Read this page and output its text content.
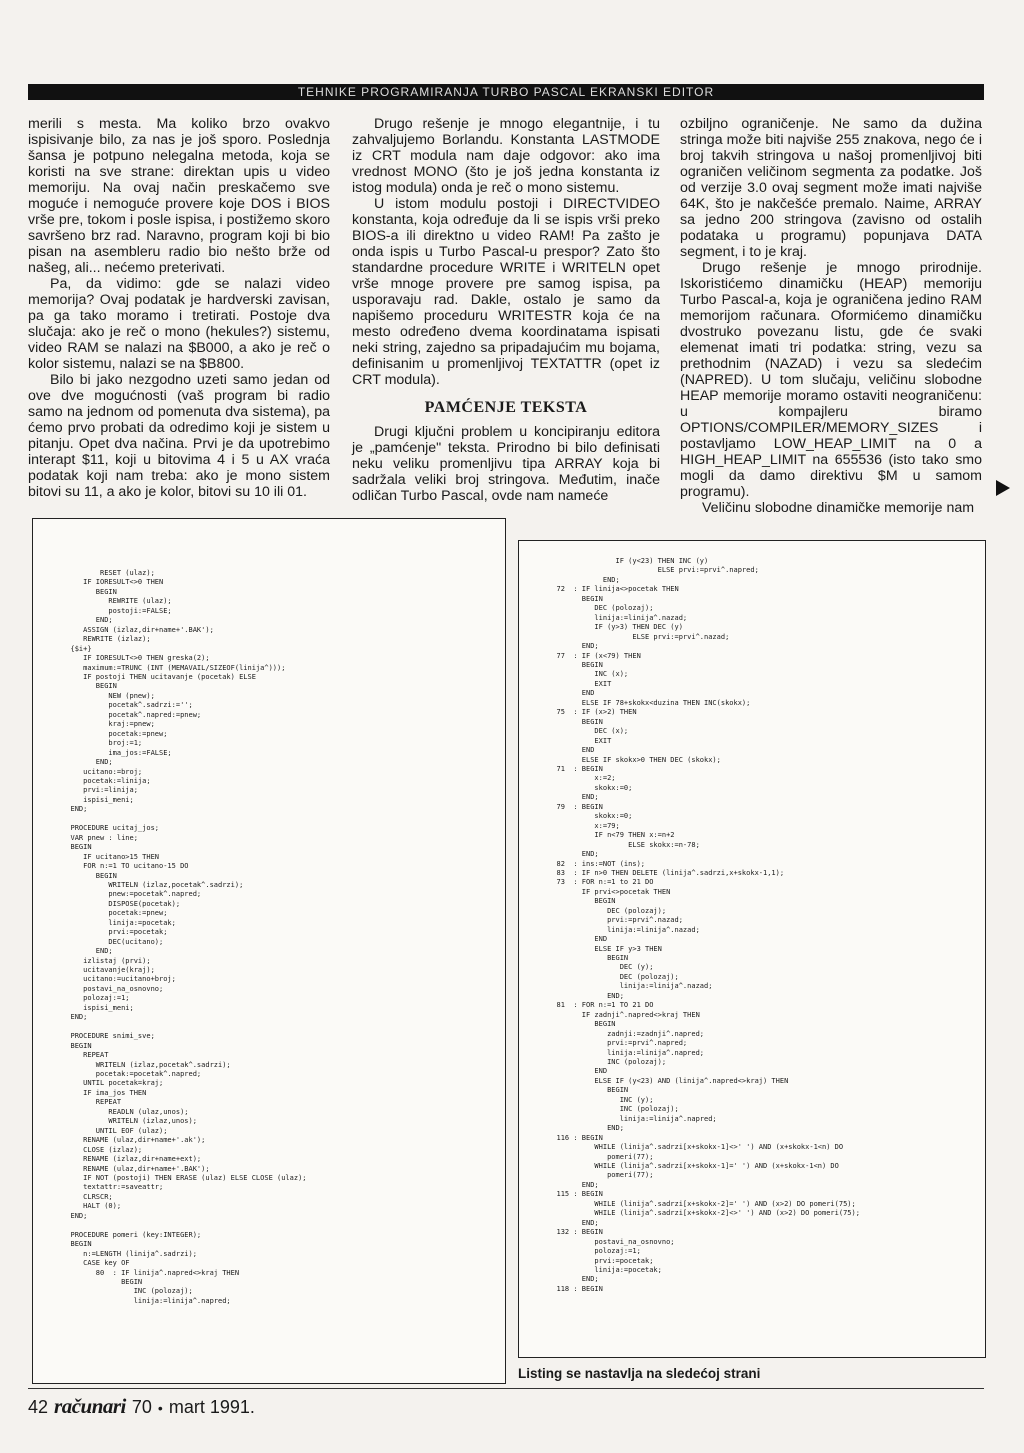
TEHNIKE PROGRAMIRANJA TURBO PASCAL EKRANSKI EDITOR

merili s mesta. Ma koliko brzo ovakvo ispisivanje bilo, za nas je još sporo. Poslednja šansa je potpuno nelegalna metoda, koja se koristi na sve strane: direktan upis u video memoriju. Na ovaj način preskačemo sve moguće i nemoguće provere koje DOS i BIOS vrše pre, tokom i posle ispisa, i postižemo skoro savršeno brz rad. Naravno, program koji bi bio pisan na asembleru radio bio nešto brže od našeg, ali... nećemo preterivati.

Pa, da vidimo: gde se nalazi video memorija? Ovaj podatak je hardverski zavisan, pa ga tako moramo i tretirati. Postoje dva slučaja: ako je reč o mono (hekules?) sistemu, video RAM se nalazi na $B000, a ako je reč o kolor sistemu, nalazi se na $B800.

Bilo bi jako nezgodno uzeti samo jedan od ove dve mogućnosti (vaš program bi radio samo na jednom od pomenuta dva sistema), pa ćemo prvo probati da odredimo koji je sistem u pitanju. Opet dva načina. Prvi je da upotrebimo interapt $11, koji u bitovima 4 i 5 u AX vraća podatak koji nam treba: ako je mono sistem bitovi su 11, a ako je kolor, bitovi su 10 ili 01.

Drugo rešenje je mnogo elegantnije, i tu zahvaljujemo Borlandu. Konstanta LASTMODE iz CRT modula nam daje odgovor: ako ima vrednost MONO (što je još jedna konstanta iz istog modula) onda je reč o mono sistemu.

U istom modulu postoji i DIRECTVIDEO konstanta, koja određuje da li se ispis vrši preko BIOS-a ili direktno u video RAM! Pa zašto je onda ispis u Turbo Pascal-u prespor? Zato što standardne procedure WRITE i WRITELN opet vrše mnoge provere pre samog ispisa, pa usporavaju rad. Dakle, ostalo je samo da napišemo proceduru WRITESTR koja će na mesto određeno dvema koordinatama ispisati neki string, zajedno sa pripadajućim mu bojama, definisanim u promenljivoj TEXTATTR (opet iz CRT modula).

PAMĆENJE TEKSTA

Drugi ključni problem u koncipiranju editora je „pamćenje" teksta. Prirodno bi bilo definisati neku veliku promenljivu tipa ARRAY koja bi sadržala veliki broj stringova. Međutim, inače odličan Turbo Pascal, ovde nam nameće

ozbiljno ograničenje. Ne samo da dužina stringa može biti najviše 255 znakova, nego će i broj takvih stringova u našoj promenljivoj biti ograničen veličinom segmenta za podatke. Još od verzije 3.0 ovaj segment može imati najviše 64K, što je nakčešće premalo. Naime, ARRAY sa jedno 200 stringova (zavisno od ostalih podataka u programu) popunjava DATA segment, i to je kraj.

Drugo rešenje je mnogo prirodnije. Iskoristićemo dinamičku (HEAP) memoriju Turbo Pascal-a, koja je ograničena jedino RAM memorijom računara. Oformićemo dinamičku dvostruko povezanu listu, gde će svaki elemenat imati tri podatka: string, vezu sa prethodnim (NAZAD) i vezu sa sledećim (NAPRED). U tom slučaju, veličinu slobodne HEAP memorije moramo ostaviti neograničenu: u kompajleru biramo OPTIONS/COMPILER/MEMORY_SIZES i postavljamo LOW_HEAP_LIMIT na 0 a HIGH_HEAP_LIMIT na 655536 (isto tako smo mogli da damo direktivu $M u samom programu).

Veličinu slobodne dinamičke memorije nam

RESET (ulaz);
IF IORESULT<>0 THEN
BEGIN
REWRITE (ulaz);
postoji:=FALSE;
END;
ASSIGN (izlaz,dir+name+'.BAK');
REWRITE (izlaz);
{$i+}
IF IORESULT<>0 THEN greska(2);
maximum:=TRUNC (INT (MEMAVAIL/SIZEOF(linija^)));
IF postoji THEN ucitavanje (pocetak) ELSE
BEGIN
NEW (pnew);
pocetak^.sadrzi:='';
pocetak^.napred:=pnew;
kraj:=pnew;
pocetak:=pnew;
broj:=1;
ima_jos:=FALSE;
END;
ucitano:=broj;
pocetak:=linija;
prvi:=linija;
ispisi_meni;
END;

PROCEDURE ucitaj_jos;
VAR pnew : line;
BEGIN
IF ucitano>15 THEN
FOR n:=1 TO ucitano-15 DO
BEGIN
WRITELN (izlaz,pocetak^.sadrzi);
pnew:=pocetak^.napred;
DISPOSE(pocetak);
pocetak:=pnew;
linija:=pocetak;
prvi:=pocetak;
DEC(ucitano);
END;
izlistaj (prvi);
ucitavanje(kraj);
ucitano:=ucitano+broj;
postavi_na_osnovno;
polozaj:=1;
ispisi_meni;
END;

PROCEDURE snimi_sve;
BEGIN
REPEAT
WRITELN (izlaz,pocetak^.sadrzi);
pocetak:=pocetak^.napred;
UNTIL pocetak=kraj;
IF ima_jos THEN
REPEAT
READLN (ulaz,unos);
WRITELN (izlaz,unos);
UNTIL EOF (ulaz);
RENAME (ulaz,dir+name+'.ak');
CLOSE (izlaz);
RENAME (izlaz,dir+name+ext);
RENAME (ulaz,dir+name+'.BAK');
IF NOT (postoji) THEN ERASE (ulaz) ELSE CLOSE (ulaz);
textattr:=saveattr;
CLRSCR;
HALT (0);
END;

PROCEDURE pomeri (key:INTEGER);
BEGIN
n:=LENGTH (linija^.sadrzi);
CASE key OF
80  : IF linija^.napred<>kraj THEN
BEGIN
INC (polozaj);
linija:=linija^.napred;
IF (y<23) THEN INC (y)
ELSE prvi:=prvi^.napred;
END;
72  : IF linija<>pocetak THEN
BEGIN
DEC (polozaj);
linija:=linija^.nazad;
IF (y>3) THEN DEC (y)
ELSE prvi:=prvi^.nazad;
END;
77  : IF (x<79) THEN
BEGIN
INC (x);
EXIT
END
ELSE IF 78+skokx<duzina THEN INC(skokx);
75  : IF (x>2) THEN
BEGIN
DEC (x);
EXIT
END
ELSE IF skokx>0 THEN DEC (skokx);
71  : BEGIN
x:=2;
skokx:=0;
END;
79  : BEGIN
skokx:=0;
x:=79;
IF n<79 THEN x:=n+2
ELSE skokx:=n-78;
END;
82  : ins:=NOT (ins);
83  : IF n>0 THEN DELETE (linija^.sadrzi,x+skokx-1,1);
73  : FOR n:=1 to 21 DO
IF prvi<>pocetak THEN
BEGIN
DEC (polozaj);
prvi:=prvi^.nazad;
linija:=linija^.nazad;
END
ELSE IF y>3 THEN
BEGIN
DEC (y);
DEC (polozaj);
linija:=linija^.nazad;
END;
81  : FOR n:=1 TO 21 DO
IF zadnji^.napred<>kraj THEN
BEGIN
zadnji:=zadnji^.napred;
prvi:=prvi^.napred;
linija:=linija^.napred;
INC (polozaj);
END
ELSE IF (y<23) AND (linija^.napred<>kraj) THEN
BEGIN
INC (y);
INC (polozaj);
linija:=linija^.napred;
END;
116 : BEGIN
WHILE (linija^.sadrzi[x+skokx-1]<>' ') AND (x+skokx-1<n) DO
pomeri(77);
WHILE (linija^.sadrzi[x+skokx-1]=' ') AND (x+skokx-1<n) DO
pomeri(77);
END;
115 : BEGIN
WHILE (linija^.sadrzi[x+skokx-2]=' ') AND (x>2) DO pomeri(75);
WHILE (linija^.sadrzi[x+skokx-2]<>' ') AND (x>2) DO pomeri(75);
END;
132 : BEGIN
postavi_na_osnovno;
polozaj:=1;
prvi:=pocetak;
linija:=pocetak;
END;
118 : BEGIN
Listing se nastavlja na sledećoj strani
42 računari 70 • mart 1991.
